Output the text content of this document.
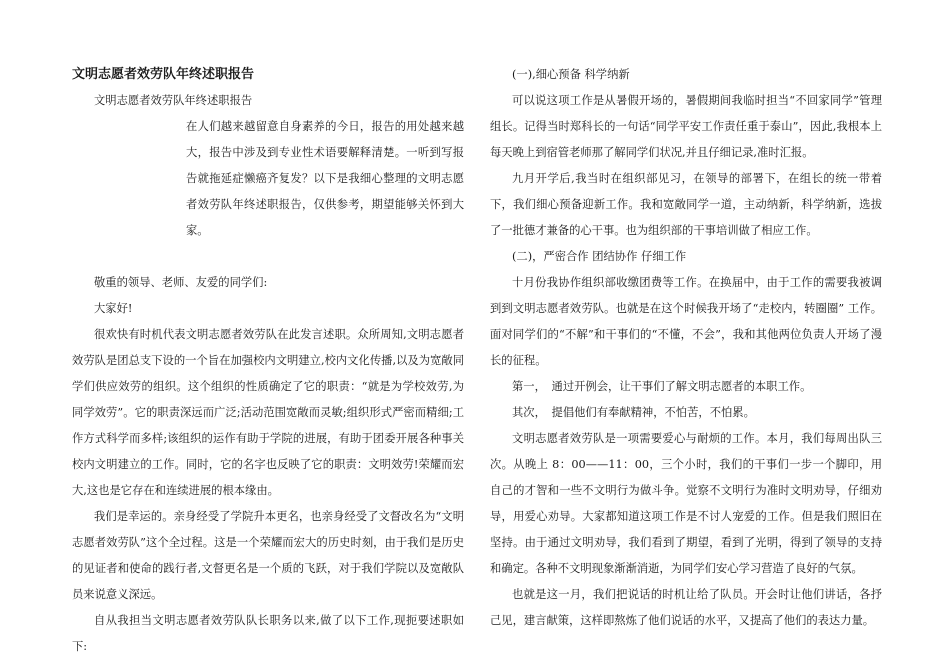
文明志愿者效劳队年终述职报告

文明志愿者效劳队年终述职报告

在人们越来越留意自身素养的今日，报告的用处越来越大，报告中涉及到专业性术语要解释清楚。一听到写报告就拖延症懒癌齐复发？以下是我细心整理的文明志愿者效劳队年终述职报告，仅供参考，期望能够关怀到大家。

敬重的领导、老师、友爱的同学们:

大家好!

很欢快有时机代表文明志愿者效劳队在此发言述职。众所周知,文明志愿者效劳队是团总支下设的一个旨在加强校内文明建立,校内文化传播,以及为宽敞同学们供应效劳的组织。这个组织的性质确定了它的职责：“就是为学校效劳,为同学效劳”。它的职责深远而广泛;活动范围宽敞而灵敏;组织形式严密而精细;工作方式科学而多样;该组织的运作有助于学院的进展，有助于团委开展各种事关校内文明建立的工作。同时，它的名字也反映了它的职责：文明效劳!荣耀而宏大,这也是它存在和连续进展的根本缘由。

我们是幸运的。亲身经受了学院升本更名，也亲身经受了文督改名为“文明志愿者效劳队”这个全过程。这是一个荣耀而宏大的历史时刻，由于我们是历史的见证者和使命的践行者,文督更名是一个质的飞跃，对于我们学院以及宽敞队员来说意义深远。

自从我担当文明志愿者效劳队队长职务以来,做了以下工作,现扼要述职如下:

(一),细心预备 科学纳新

可以说这项工作是从暑假开场的，暑假期间我临时担当“不回家同学”管理组长。记得当时郑科长的一句话“同学平安工作责任重于泰山”，因此,我根本上每天晚上到宿管老师那了解同学们状况,并且仔细记录,准时汇报。

九月开学后,我当时在组织部见习，在领导的部署下，在组长的统一带着下，我们细心预备迎新工作。我和宽敞同学一道，主动纳新，科学纳新，选拔了一批德才兼备的心干事。也为组织部的干事培训做了相应工作。

(二)，严密合作 团结协作 仔细工作

十月份我协作组织部收缴团费等工作。在换届中，由于工作的需要我被调到到文明志愿者效劳队。也就是在这个时候我开场了“走校内，转圈圈” 工作。面对同学们的“不解”和干事们的“不懂，不会”，我和其他两位负责人开场了漫长的征程。

第一，　通过开例会，让干事们了解文明志愿者的本职工作。

其次，　提倡他们有奉献精神，不怕苦，不怕累。

文明志愿者效劳队是一项需要爱心与耐烦的工作。本月，我们每周出队三次。从晚上 8：00——11：00，三个小时，我们的干事们一步一个脚印，用自己的才智和一些不文明行为做斗争。觉察不文明行为准时文明劝导，仔细劝导，用爱心劝导。大家都知道这项工作是不讨人宠爱的工作。但是我们照旧在坚持。由于通过文明劝导，我们看到了期望，看到了光明，得到了领导的支持和确定。各种不文明现象渐渐消逝，为同学们安心学习营造了良好的气氛。

也就是这一月，我们把说话的时机让给了队员。开会时让他们讲话，各抒己见，建言献策，这样即熬炼了他们说话的水平，又提高了他们的表达力量。
